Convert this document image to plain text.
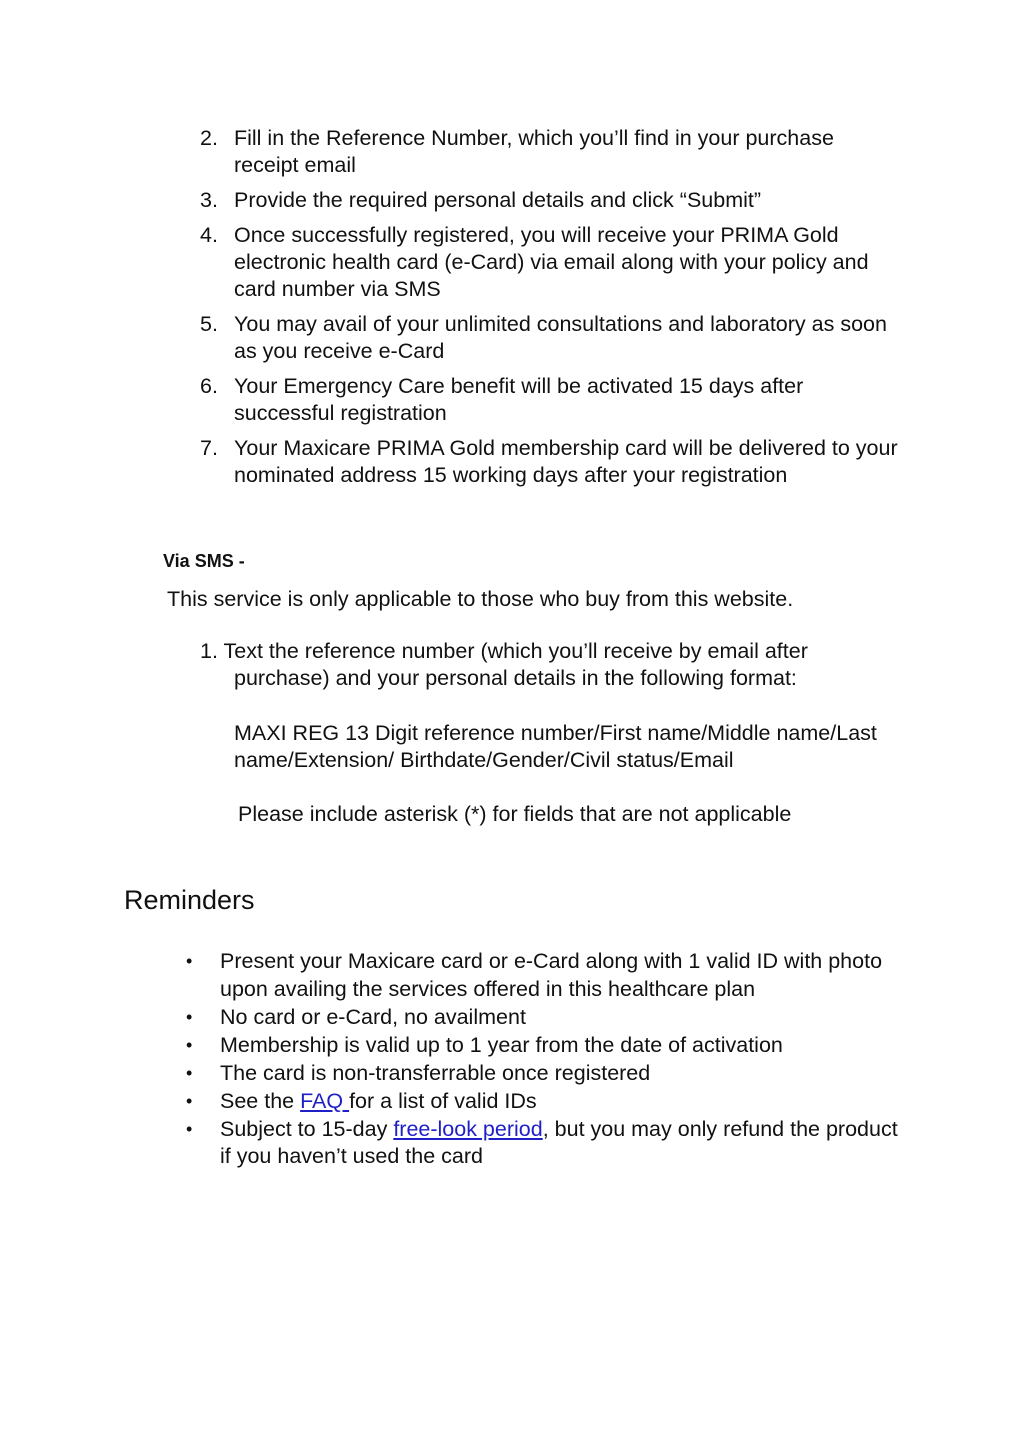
2. Fill in the Reference Number, which you’ll find in your purchase receipt email
3. Provide the required personal details and click “Submit”
4. Once successfully registered, you will receive your PRIMA Gold electronic health card (e-Card) via email along with your policy and card number via SMS
5. You may avail of your unlimited consultations and laboratory as soon as you receive e-Card
6. Your Emergency Care benefit will be activated 15 days after successful registration
7. Your Maxicare PRIMA Gold membership card will be delivered to your nominated address 15 working days after your registration
Via SMS -
This service is only applicable to those who buy from this website.
1. Text the reference number (which you’ll receive by email after
purchase) and your personal details in the following format:
MAXI REG 13 Digit reference number/First name/Middle name/Last name/Extension/ Birthdate/Gender/Civil status/Email
Please include asterisk (*) for fields that are not applicable
Reminders
•	Present your Maxicare card or e-Card along with 1 valid ID with photo upon availing the services offered in this healthcare plan
•	No card or e-Card, no availment
•	Membership is valid up to 1 year from the date of activation
•	The card is non-transferrable once registered
•	See the FAQ for a list of valid IDs
•	Subject to 15-day free-look period, but you may only refund the product if you haven’t used the card
